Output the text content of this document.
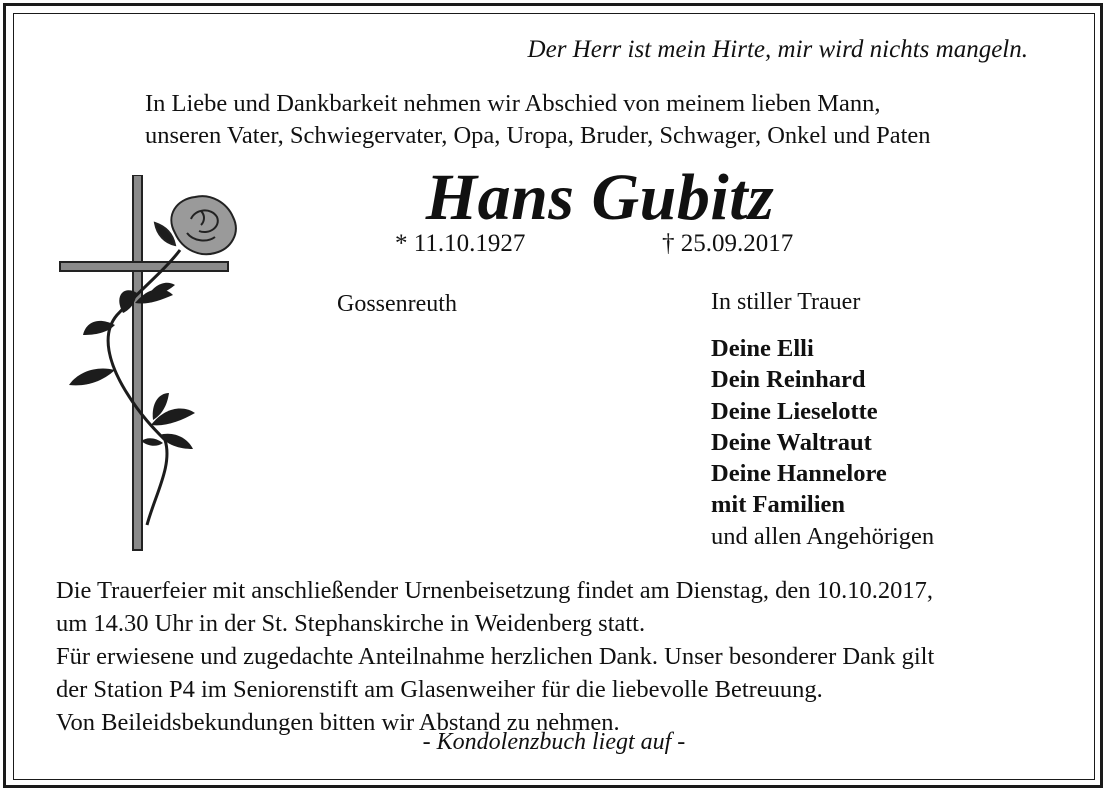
Der Herr ist mein Hirte, mir wird nichts mangeln.
In Liebe und Dankbarkeit nehmen wir Abschied von meinem lieben Mann,
unseren Vater, Schwiegervater, Opa, Uropa, Bruder, Schwager, Onkel und Paten
Hans Gubitz
* 11.10.1927	† 25.09.2017
Gossenreuth	In stiller Trauer
Deine Elli
Dein Reinhard
Deine Lieselotte
Deine Waltraut
Deine Hannelore
mit Familien
und allen Angehörigen
Die Trauerfeier mit anschließender Urnenbeisetzung findet am Dienstag, den 10.10.2017,
um 14.30 Uhr in der St. Stephanskirche in Weidenberg statt.
Für erwiesene und zugedachte Anteilnahme herzlichen Dank. Unser besonderer Dank gilt
der Station P4 im Seniorenstift am Glasenweiher für die liebevolle Betreuung.
Von Beileidsbekundungen bitten wir Abstand zu nehmen.
- Kondolenzbuch liegt auf -
